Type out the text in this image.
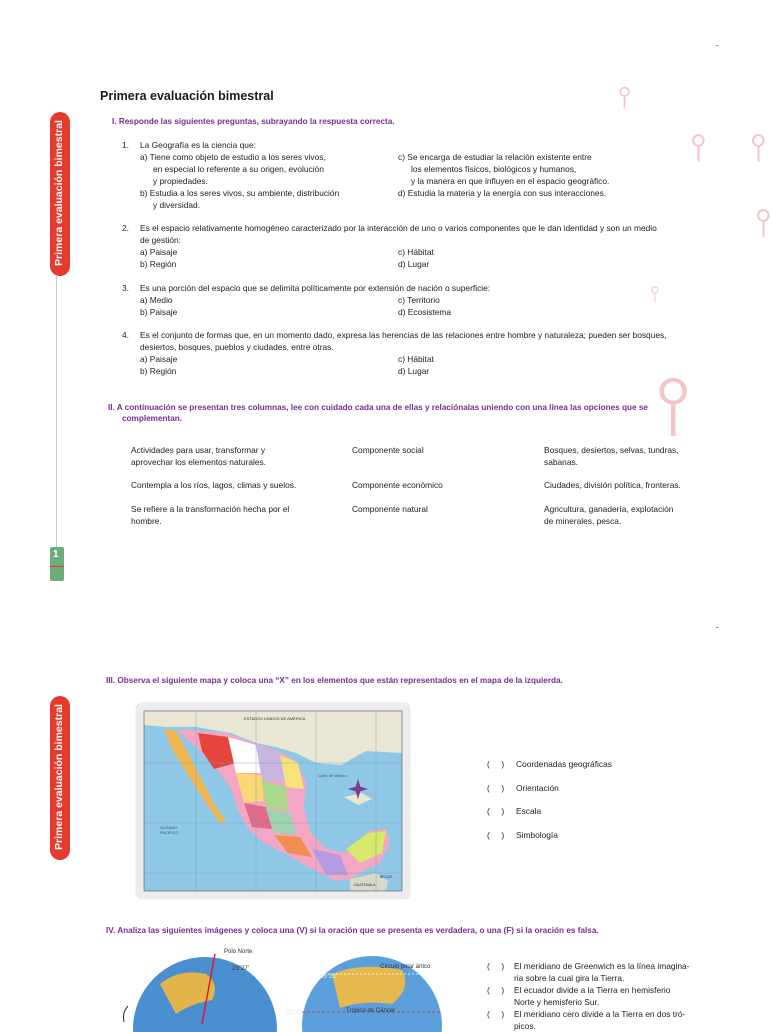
˜
⫯
⫯ ⫯
⫯
⫯
⫯
Primera evaluación bimestral
1
Primera evaluación bimestral
I. Responde las siguientes preguntas, subrayando la respuesta correcta.
1. La Geografía es la ciencia que:
a) Tiene como objeto de estudio a los seres vivos,
en especial lo referente a su origen, evolución
y propiedades.
b) Estudia a los seres vivos, su ambiente, distribución
y diversidad.
c) Se encarga de estudiar la relación existente entre
los elementos físicos, biológicos y humanos,
y la manera en que influyen en el espacio geográfico.
d) Estudia la materia y la energía con sus interacciones.
2. Es el espacio relativamente homogéneo caracterizado por la interacción de uno o varios componentes que le dan identidad y son un medio
de gestión:
a) Paisaje
b) Región
c) Hábitat
d) Lugar
3. Es una porción del espacio que se delimita políticamente por extensión de nación o superficie:
a) Medio
b) Paisaje
c) Territorio
d) Ecosistema
4. Es el conjunto de formas que, en un momento dado, expresa las herencias de las relaciones entre hombre y naturaleza; pueden ser bosques,
desiertos, bosques, pueblos y ciudades, entre otras.
a) Paisaje
b) Región
c) Hábitat
d) Lugar
II. A continuación se presentan tres columnas, lee con cuidado cada una de ellas y relaciónalas uniendo con una línea las opciones que se
complementan.
Actividades para usar, transformar y
aprovechar los elementos naturales.
Contempla a los ríos, lagos, climas y suelos.
Se refiere a la transformación hecha por el
hombre.
Componente social
Componente económico
Componente natural
Bosques, desiertos, selvas, tundras,
sabanas.
Ciudades, división política, fronteras.
Agricultura, ganadería, explotación
de minerales, pesca.
˜
Primera evaluación bimestral
III. Observa el siguiente mapa y coloca una “X” en los elementos que están representados en el mapa de la izquierda.
ESTADOS UNIDOS DE AMÉRICA
Golfo de México
OCÉANO PACÍFICO
GUATEMALA
BELICE
(     ) Coordenadas geográficas
(     ) Orientación
(     ) Escala
(     ) Simbología
IV. Analiza las siguientes imágenes y coloca una (V) si la oración que se presenta es verdadera, o una (F) si la oración es falsa.
Polo Norte
23°27'	Círculo polar ártico
66°33'
Trópico de Cáncer
23°27'
(     ) El meridiano de Greenwich es la línea imagina-
ria sobre la cual gira la Tierra.
(     ) El ecuador divide a la Tierra en hemisferio
Norte y hemisferio Sur.
(     ) El meridiano cero divide a la Tierra en dos tró-
picos.
